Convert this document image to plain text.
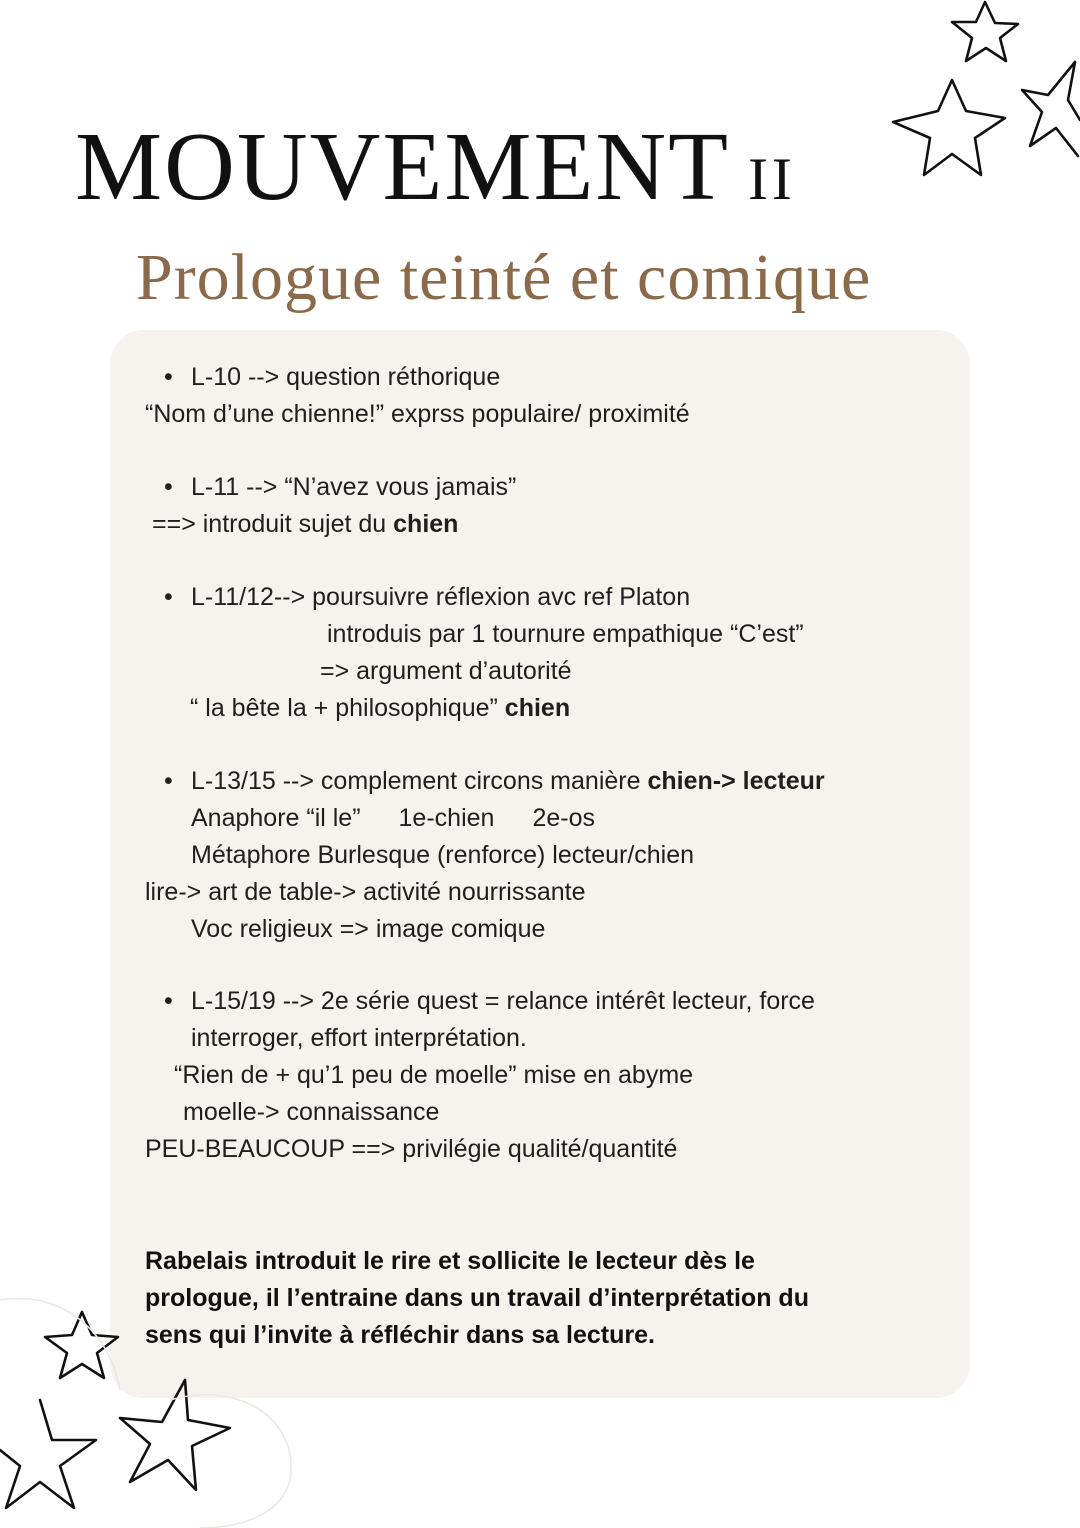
MOUVEMENT II
Prologue teinté et comique
• L-10 --> question réthorique
“Nom d’une chienne!” exprss populaire/ proximité
• L-11 --> “N’avez vous jamais”
==> introduit sujet du chien
• L-11/12--> poursuivre réflexion avc ref Platon
introduis par 1 tournure empathique “C’est”
=> argument d’autorité
“ la bête la + philosophique” chien
• L-13/15 --> complement circons manière chien-> lecteur
Anaphore “il le” 1e-chien 2e-os
Métaphore Burlesque (renforce) lecteur/chien
lire-> art de table-> activité nourrissante
Voc religieux => image comique
• L-15/19 --> 2e série quest = relance intérêt lecteur, force
interroger, effort interprétation.
“Rien de + qu’1 peu de moelle” mise en abyme
moelle-> connaissance
PEU-BEAUCOUP ==> privilégie qualité/quantité
Rabelais introduit le rire et sollicite le lecteur dès le
prologue, il l’entraine dans un travail d’interprétation du
sens qui l’invite à réfléchir dans sa lecture.
